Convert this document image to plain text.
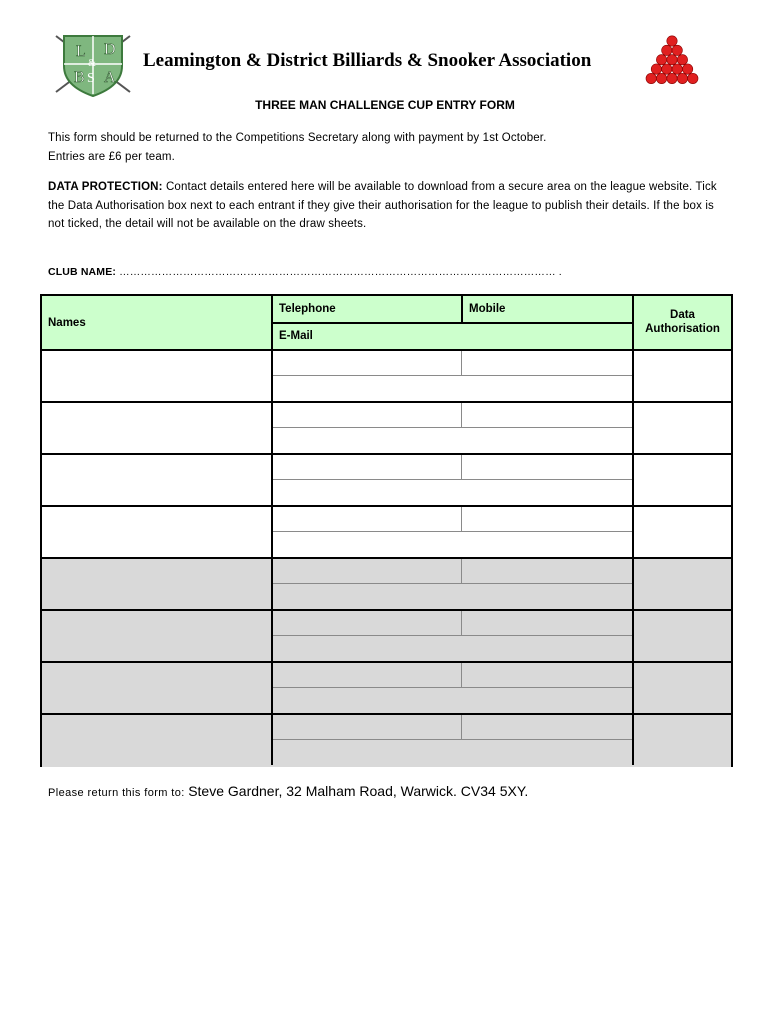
L D
B A
&
S
Leamington & District Billiards & Snooker Association
THREE MAN CHALLENGE CUP ENTRY FORM
This form should be returned to the Competitions Secretary along with payment by 1st October.
Entries are £6 per team.
DATA PROTECTION: Contact details entered here will be available to download from a secure area on the league website. Tick the Data Authorisation box next to each entrant if they give their authorisation for the league to publish their details. If the box is not ticked, the detail will not be available on the draw sheets.
CLUB NAME: …………………………………………………………………………………………………………… .
Names
Telephone	Mobile
E-Mail
Data Authorisation
Please return this form to: Steve Gardner, 32 Malham Road, Warwick. CV34 5XY.
